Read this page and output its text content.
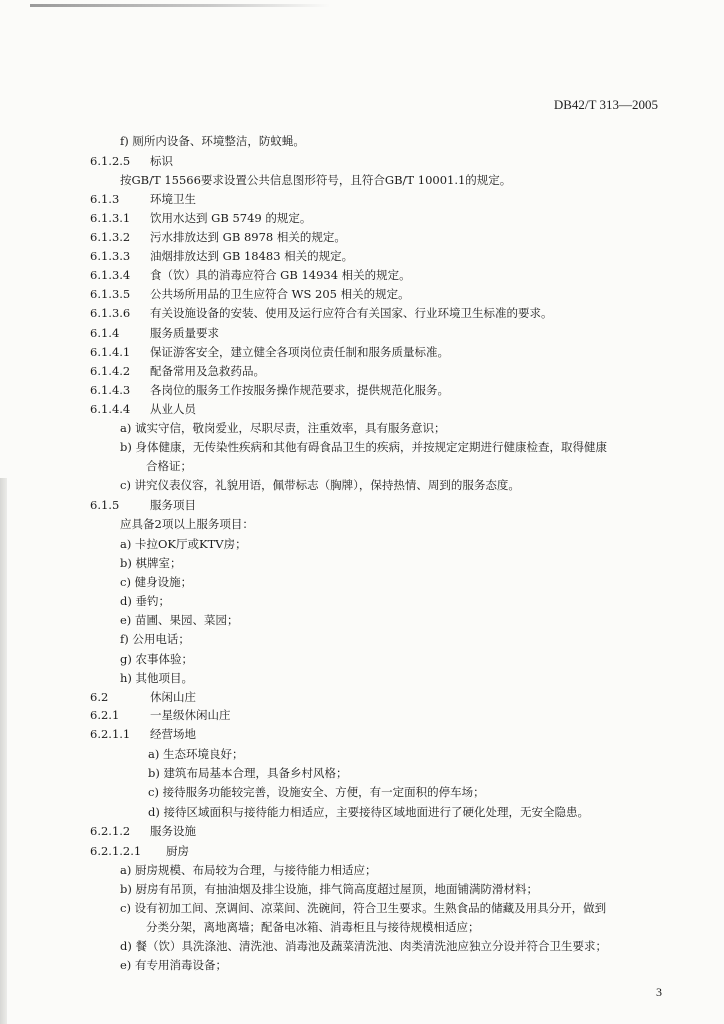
DB42/T 313—2005
f) 厕所内设备、环境整洁，防蚊蝇。
6.1.2.5 标识
按GB/T 15566要求设置公共信息图形符号，且符合GB/T 10001.1的规定。
6.1.3	环境卫生
6.1.3.1 饮用水达到 GB 5749 的规定。
6.1.3.2 污水排放达到 GB 8978 相关的规定。
6.1.3.3 油烟排放达到 GB 18483 相关的规定。
6.1.3.4 食（饮）具的消毒应符合 GB 14934 相关的规定。
6.1.3.5 公共场所用品的卫生应符合 WS 205 相关的规定。
6.1.3.6 有关设施设备的安装、使用及运行应符合有关国家、行业环境卫生标准的要求。
6.1.4	服务质量要求
6.1.4.1 保证游客安全，建立健全各项岗位责任制和服务质量标准。
6.1.4.2 配备常用及急救药品。
6.1.4.3 各岗位的服务工作按服务操作规范要求，提供规范化服务。
6.1.4.4 从业人员
a) 诚实守信，敬岗爱业，尽职尽责，注重效率，具有服务意识；
b) 身体健康，无传染性疾病和其他有碍食品卫生的疾病，并按规定定期进行健康检查，取得健康
合格证；
c) 讲究仪表仪容，礼貌用语，佩带标志（胸牌），保持热情、周到的服务态度。
6.1.5	服务项目
应具备2项以上服务项目：
a) 卡拉OK厅或KTV房；
b) 棋牌室；
c) 健身设施；
d) 垂钓；
e) 苗圃、果园、菜园；
f) 公用电话；
g) 农事体验；
h) 其他项目。
6.2	休闲山庄
6.2.1	一星级休闲山庄
6.2.1.1 经营场地
a) 生态环境良好；
b) 建筑布局基本合理，具备乡村风格；
c) 接待服务功能较完善，设施安全、方便，有一定面积的停车场；
d) 接待区域面积与接待能力相适应，主要接待区域地面进行了硬化处理，无安全隐患。
6.2.1.2 服务设施
6.2.1.2.1 厨房
a) 厨房规模、布局较为合理，与接待能力相适应；
b) 厨房有吊顶，有抽油烟及排尘设施，排气筒高度超过屋顶，地面铺满防滑材料；
c) 设有初加工间、烹调间、凉菜间、洗碗间，符合卫生要求。生熟食品的储藏及用具分开，做到
分类分架，离地离墙；配备电冰箱、消毒柜且与接待规模相适应；
d) 餐（饮）具洗涤池、清洗池、消毒池及蔬菜清洗池、肉类清洗池应独立分设并符合卫生要求；
e) 有专用消毒设备；
3
